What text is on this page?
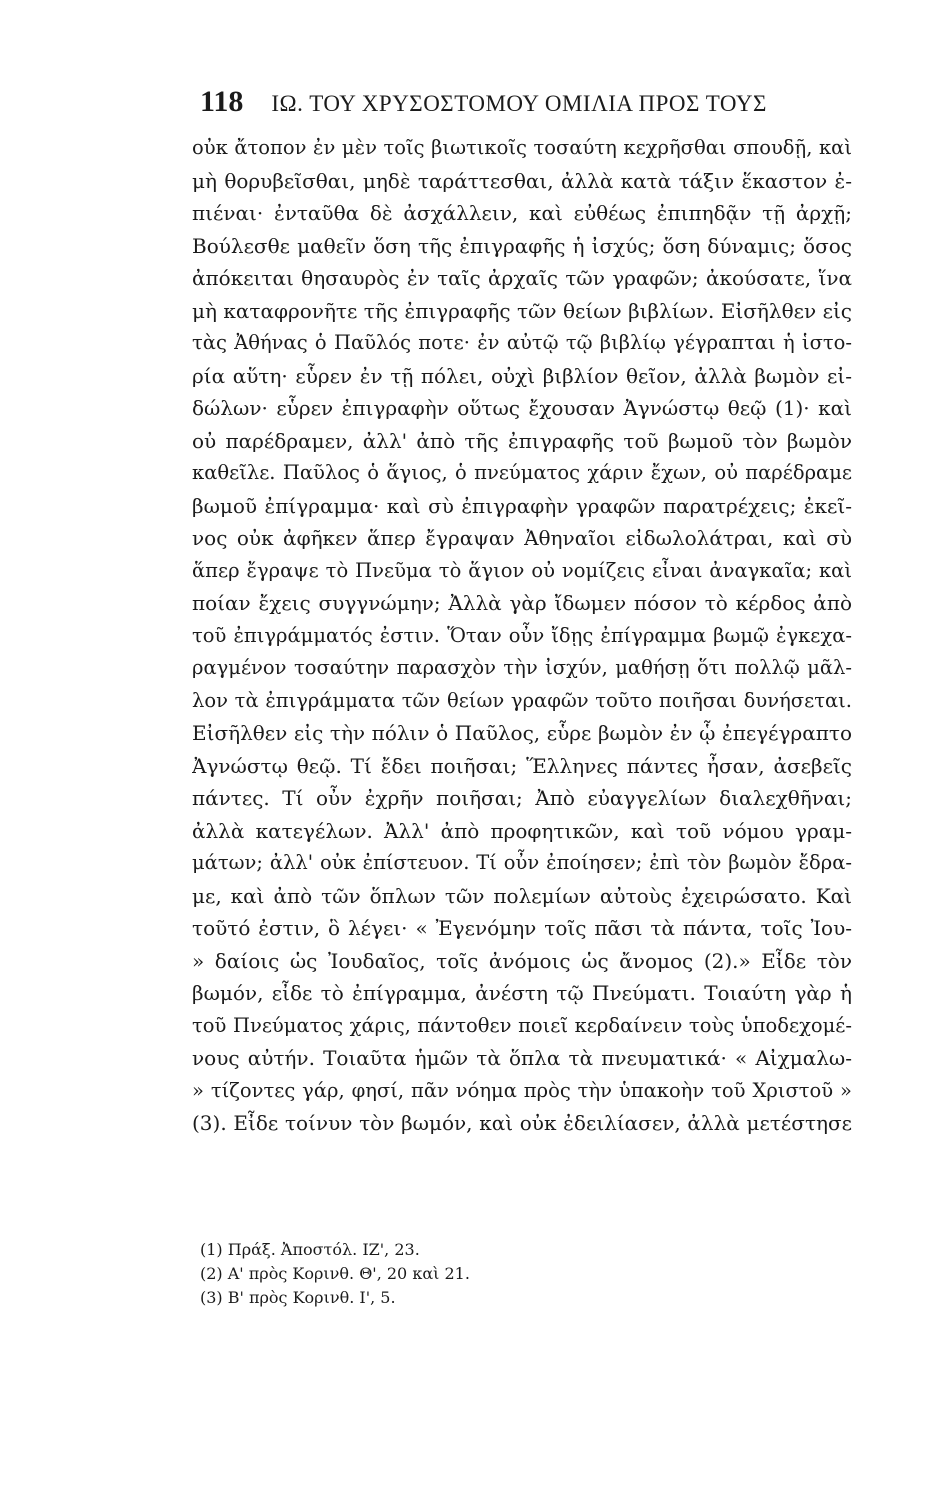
118 ΙΩ. ΤΟΥ ΧΡΥΣΟΣΤΟΜΟΥ ΟΜΙΛΙΑ ΠΡΟΣ ΤΟΥΣ
οὐκ ἄτοπον ἐν μὲν τοῖς βιωτικοῖς τοσαύτη κεχρῆσθαι σπουδῇ, καὶ
μὴ θορυβεῖσθαι, μηδὲ ταράττεσθαι, ἀλλὰ κατὰ τάξιν ἕκαστον ἐ-
πιέναι· ἐνταῦθα δὲ ἀσχάλλειν, καὶ εὐθέως ἐπιπηδᾷν τῇ ἀρχῇ;
Βούλεσθε μαθεῖν ὅση τῆς ἐπιγραφῆς ἡ ἰσχύς; ὅση δύναμις; ὅσος
ἀπόκειται θησαυρὸς ἐν ταῖς ἀρχαῖς τῶν γραφῶν; ἀκούσατε, ἵνα
μὴ καταφρονῆτε τῆς ἐπιγραφῆς τῶν θείων βιβλίων. Εἰσῆλθεν εἰς
τὰς Ἀθήνας ὁ Παῦλός ποτε· ἐν αὐτῷ τῷ βιβλίῳ γέγραπται ἡ ἱστο-
ρία αὕτη· εὗρεν ἐν τῇ πόλει, οὐχὶ βιβλίον θεῖον, ἀλλὰ βωμὸν εἰ-
δώλων· εὗρεν ἐπιγραφὴν οὕτως ἔχουσαν Ἀγνώστῳ θεῷ (1)· καὶ
οὐ παρέδραμεν, ἀλλ' ἀπὸ τῆς ἐπιγραφῆς τοῦ βωμοῦ τὸν βωμὸν
καθεῖλε. Παῦλος ὁ ἅγιος, ὁ πνεύματος χάριν ἔχων, οὐ παρέδραμε
βωμοῦ ἐπίγραμμα· καὶ σὺ ἐπιγραφὴν γραφῶν παρατρέχεις; ἐκεῖ-
νος οὐκ ἀφῆκεν ἅπερ ἔγραψαν Ἀθηναῖοι εἰδωλολάτραι, καὶ σὺ
ἅπερ ἔγραψε τὸ Πνεῦμα τὸ ἅγιον οὐ νομίζεις εἶναι ἀναγκαῖα; καὶ
ποίαν ἔχεις συγγνώμην; Ἀλλὰ γὰρ ἴδωμεν πόσον τὸ κέρδος ἀπὸ
τοῦ ἐπιγράμματός ἐστιν. Ὅταν οὖν ἴδῃς ἐπίγραμμα βωμῷ ἐγκεχα-
ραγμένον τοσαύτην παρασχὸν τὴν ἰσχύν, μαθήσῃ ὅτι πολλῷ μᾶλ-
λον τὰ ἐπιγράμματα τῶν θείων γραφῶν τοῦτο ποιῆσαι δυνήσεται.
Εἰσῆλθεν εἰς τὴν πόλιν ὁ Παῦλος, εὗρε βωμὸν ἐν ᾧ ἐπεγέγραπτο
Ἀγνώστῳ θεῷ. Τί ἔδει ποιῆσαι; Ἕλληνες πάντες ἦσαν, ἀσεβεῖς
πάντες. Τί οὖν ἐχρῆν ποιῆσαι; Ἀπὸ εὐαγγελίων διαλεχθῆναι;
ἀλλὰ κατεγέλων. Ἀλλ' ἀπὸ προφητικῶν, καὶ τοῦ νόμου γραμ-
μάτων; ἀλλ' οὐκ ἐπίστευον. Τί οὖν ἐποίησεν; ἐπὶ τὸν βωμὸν ἔδρα-
με, καὶ ἀπὸ τῶν ὅπλων τῶν πολεμίων αὐτοὺς ἐχειρώσατο. Καὶ
τοῦτό ἐστιν, ὃ λέγει· « Ἐγενόμην τοῖς πᾶσι τὰ πάντα, τοῖς Ἰου-
» δαίοις ὡς Ἰουδαῖος, τοῖς ἀνόμοις ὡς ἄνομος (2).» Εἶδε τὸν
βωμόν, εἶδε τὸ ἐπίγραμμα, ἀνέστη τῷ Πνεύματι. Τοιαύτη γὰρ ἡ
τοῦ Πνεύματος χάρις, πάντοθεν ποιεῖ κερδαίνειν τοὺς ὑποδεχομέ-
νους αὐτήν. Τοιαῦτα ἡμῶν τὰ ὅπλα τὰ πνευματικά· « Αἰχμαλω-
» τίζοντες γάρ, φησί, πᾶν νόημα πρὸς τὴν ὑπακοὴν τοῦ Χριστοῦ »
(3). Εἶδε τοίνυν τὸν βωμόν, καὶ οὐκ ἐδειλίασεν, ἀλλὰ μετέστησε
(1) Πράξ. Ἀποστόλ. ΙΖ', 23.
(2) Α' πρὸς Κορινθ. Θ', 20 καὶ 21.
(3) Β' πρὸς Κορινθ. Ι', 5.
